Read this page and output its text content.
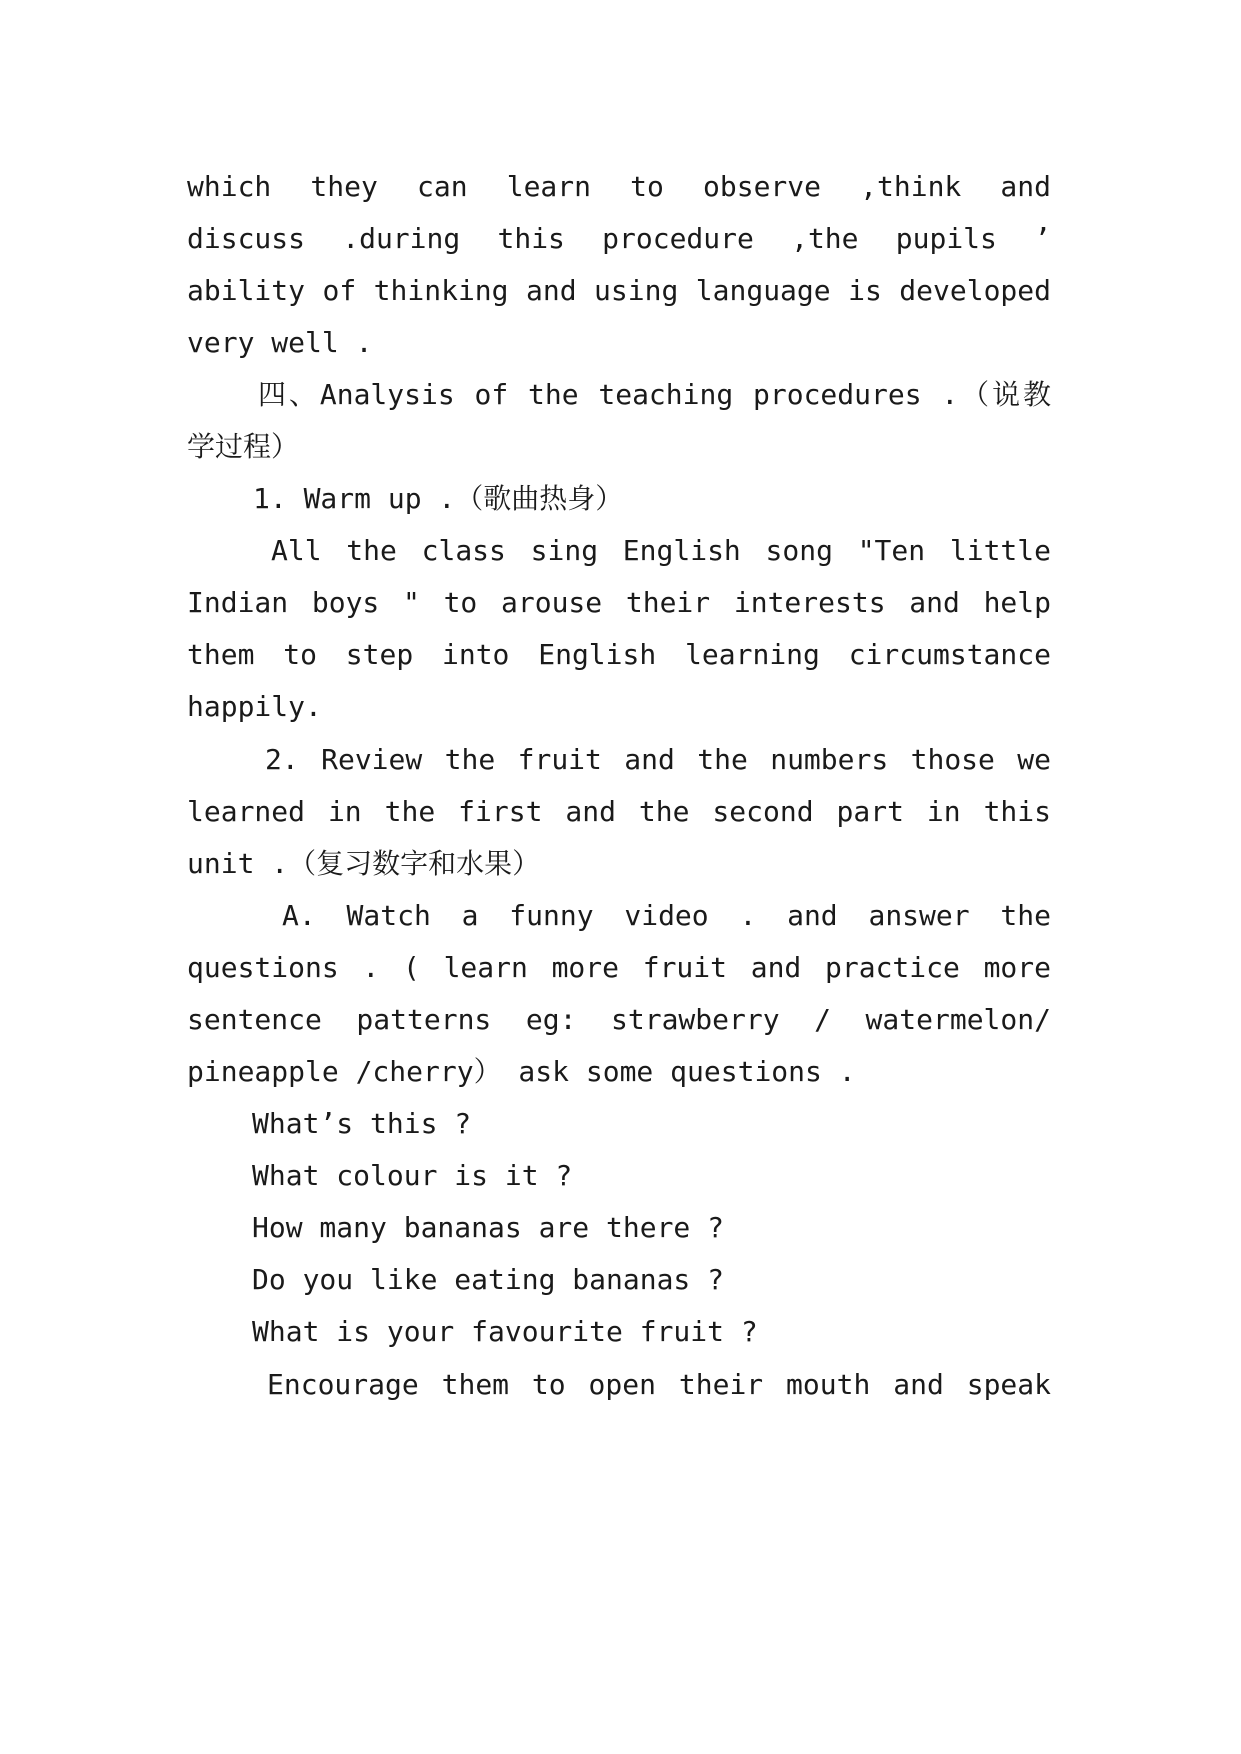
which they can learn to observe ,think and
discuss .during this procedure ,the pupils ’
ability of thinking and using language is developed
very well .
四、Analysis of the teaching procedures .（说教
学过程）
1. Warm up .（歌曲热身）
All the class sing English song "Ten little
Indian boys " to arouse their interests and help
them to step into English learning circumstance
happily.
2. Review the fruit and the numbers those we
learned in the first and the second part in this
unit .（复习数字和水果）
A. Watch a funny video . and answer the
questions . ( learn more fruit and practice more
sentence patterns eg: strawberry / watermelon/
pineapple /cherry） ask some questions .
What’s this ?
What colour is it ?
How many bananas are there ?
Do you like eating bananas ?
What is your favourite fruit ?
Encourage them to open their mouth and speak
